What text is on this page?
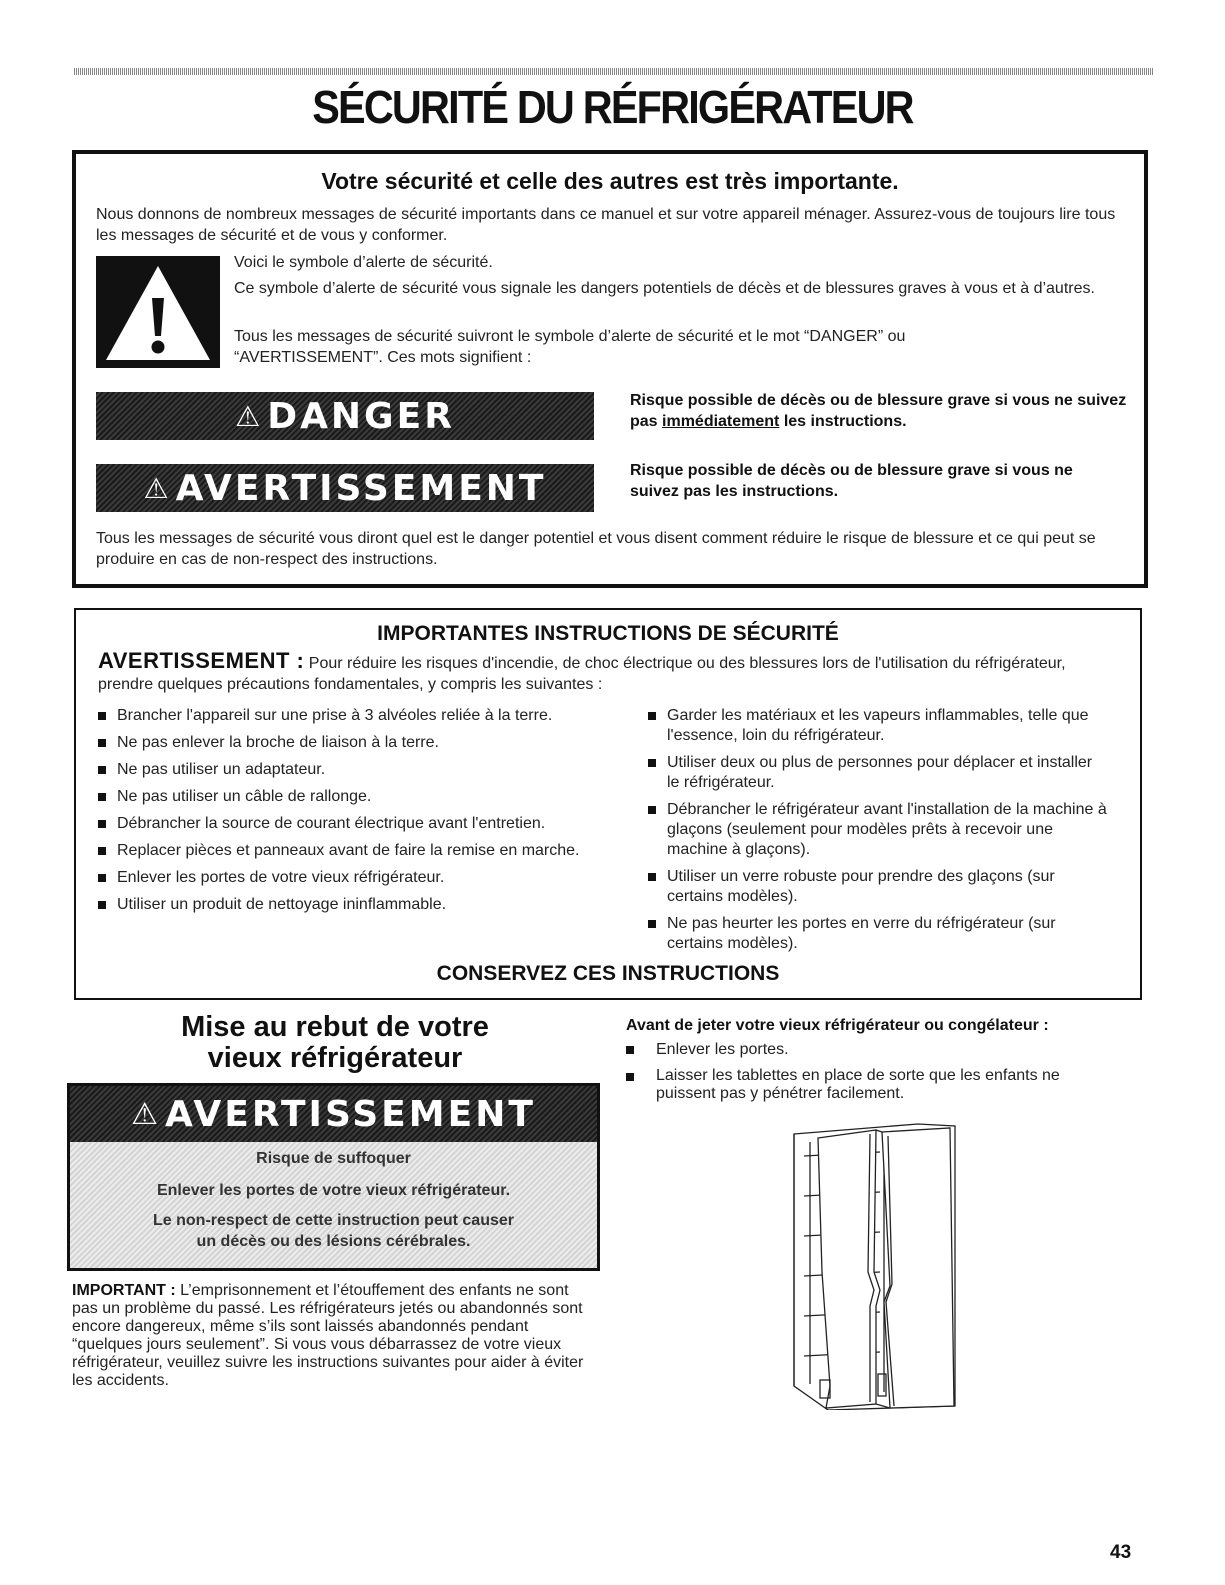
SÉCURITÉ DU RÉFRIGÉRATEUR
Votre sécurité et celle des autres est très importante.
Nous donnons de nombreux messages de sécurité importants dans ce manuel et sur votre appareil ménager. Assurez-vous de toujours lire tous les messages de sécurité et de vous y conformer.
Voici le symbole d’alerte de sécurité.
Ce symbole d’alerte de sécurité vous signale les dangers potentiels de décès et de blessures graves à vous et à d’autres.
Tous les messages de sécurité suivront le symbole d’alerte de sécurité et le mot “DANGER” ou “AVERTISSEMENT”. Ces mots signifient :
⚠ DANGER	Risque possible de décès ou de blessure grave si vous ne suivez pas immédiatement les instructions.
⚠ AVERTISSEMENT	Risque possible de décès ou de blessure grave si vous ne suivez pas les instructions.
Tous les messages de sécurité vous diront quel est le danger potentiel et vous disent comment réduire le risque de blessure et ce qui peut se produire en cas de non-respect des instructions.
IMPORTANTES INSTRUCTIONS DE SÉCURITÉ
AVERTISSEMENT : Pour réduire les risques d'incendie, de choc électrique ou des blessures lors de l'utilisation du réfrigérateur, prendre quelques précautions fondamentales, y compris les suivantes :
Brancher l'appareil sur une prise à 3 alvéoles reliée à la terre.
Ne pas enlever la broche de liaison à la terre.
Ne pas utiliser un adaptateur.
Ne pas utiliser un câble de rallonge.
Débrancher la source de courant électrique avant l'entretien.
Replacer pièces et panneaux avant de faire la remise en marche.
Enlever les portes de votre vieux réfrigérateur.
Utiliser un produit de nettoyage ininflammable.
Garder les matériaux et les vapeurs inflammables, telle que l'essence, loin du réfrigérateur.
Utiliser deux ou plus de personnes pour déplacer et installer le réfrigérateur.
Débrancher le réfrigérateur avant l'installation de la machine à glaçons (seulement pour modèles prêts à recevoir une machine à glaçons).
Utiliser un verre robuste pour prendre des glaçons (sur certains modèles).
Ne pas heurter les portes en verre du réfrigérateur (sur certains modèles).
CONSERVEZ CES INSTRUCTIONS
Mise au rebut de votre
vieux réfrigérateur
⚠ AVERTISSEMENT
Risque de suffoquer
Enlever les portes de votre vieux réfrigérateur.
Le non-respect de cette instruction peut causer un décès ou des lésions cérébrales.
IMPORTANT : L’emprisonnement et l’étouffement des enfants ne sont pas un problème du passé. Les réfrigérateurs jetés ou abandonnés sont encore dangereux, même s’ils sont laissés abandonnés pendant “quelques jours seulement”. Si vous vous débarrassez de votre vieux réfrigérateur, veuillez suivre les instructions suivantes pour aider à éviter les accidents.
Avant de jeter votre vieux réfrigérateur ou congélateur :
Enlever les portes.
Laisser les tablettes en place de sorte que les enfants ne puissent pas y pénétrer facilement.
43
